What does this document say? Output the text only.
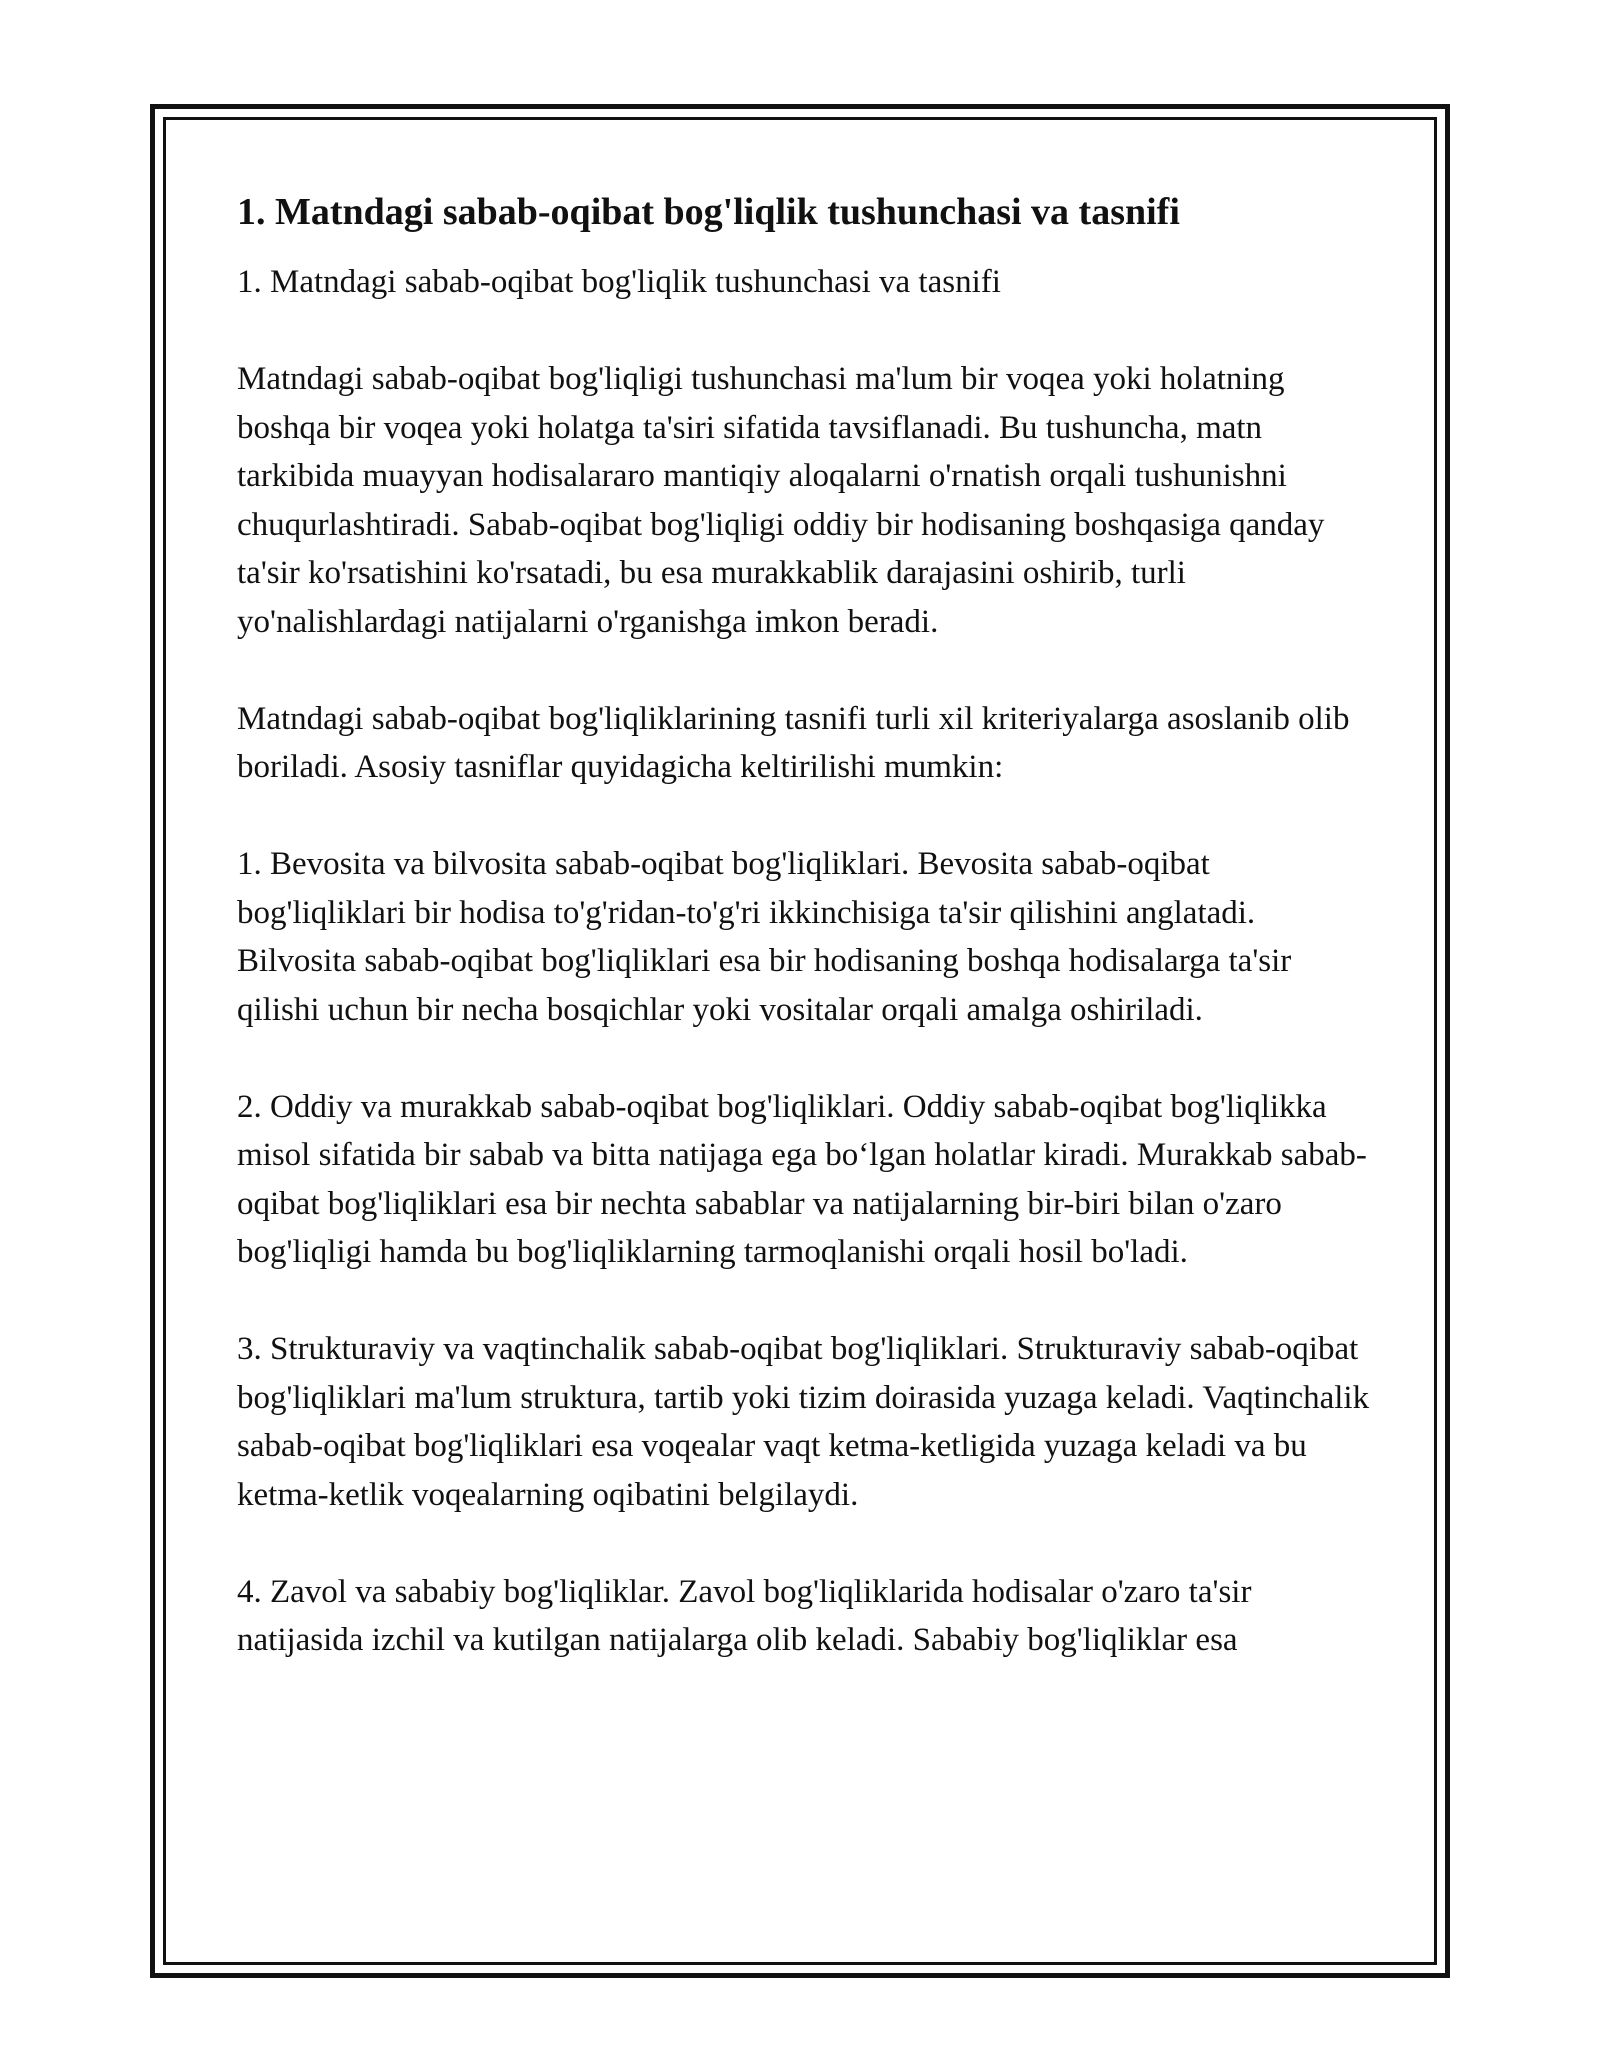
1. Matndagi sabab-oqibat bog'liqlik tushunchasi va tasnifi

1. Matndagi sabab-oqibat bog'liqlik tushunchasi va tasnifi

Matndagi sabab-oqibat bog'liqligi tushunchasi ma'lum bir voqea yoki holatning boshqa bir voqea yoki holatga ta'siri sifatida tavsiflanadi. Bu tushuncha, matn tarkibida muayyan hodisalararo mantiqiy aloqalarni o'rnatish orqali tushunishni chuqurlashtiradi. Sabab-oqibat bog'liqligi oddiy bir hodisaning boshqasiga qanday ta'sir ko'rsatishini ko'rsatadi, bu esa murakkablik darajasini oshirib, turli yo'nalishlardagi natijalarni o'rganishga imkon beradi.

Matndagi sabab-oqibat bog'liqliklarining tasnifi turli xil kriteriyalarga asoslanib olib boriladi. Asosiy tasniflar quyidagicha keltirilishi mumkin:

1. Bevosita va bilvosita sabab-oqibat bog'liqliklari. Bevosita sabab-oqibat bog'liqliklari bir hodisa to'g'ridan-to'g'ri ikkinchisiga ta'sir qilishini anglatadi. Bilvosita sabab-oqibat bog'liqliklari esa bir hodisaning boshqa hodisalarga ta'sir qilishi uchun bir necha bosqichlar yoki vositalar orqali amalga oshiriladi.

2. Oddiy va murakkab sabab-oqibat bog'liqliklari. Oddiy sabab-oqibat bog'liqlikka misol sifatida bir sabab va bitta natijaga ega bo‘lgan holatlar kiradi. Murakkab sabab-oqibat bog'liqliklari esa bir nechta sabablar va natijalarning bir-biri bilan o'zaro bog'liqligi hamda bu bog'liqliklarning tarmoqlanishi orqali hosil bo'ladi.

3. Strukturaviy va vaqtinchalik sabab-oqibat bog'liqliklari. Strukturaviy sabab-oqibat bog'liqliklari ma'lum struktura, tartib yoki tizim doirasida yuzaga keladi. Vaqtinchalik sabab-oqibat bog'liqliklari esa voqealar vaqt ketma-ketligida yuzaga keladi va bu ketma-ketlik voqealarning oqibatini belgilaydi.

4. Zavol va sababiy bog'liqliklar. Zavol bog'liqliklarida hodisalar o'zaro ta'sir natijasida izchil va kutilgan natijalarga olib keladi. Sababiy bog'liqliklar esa
